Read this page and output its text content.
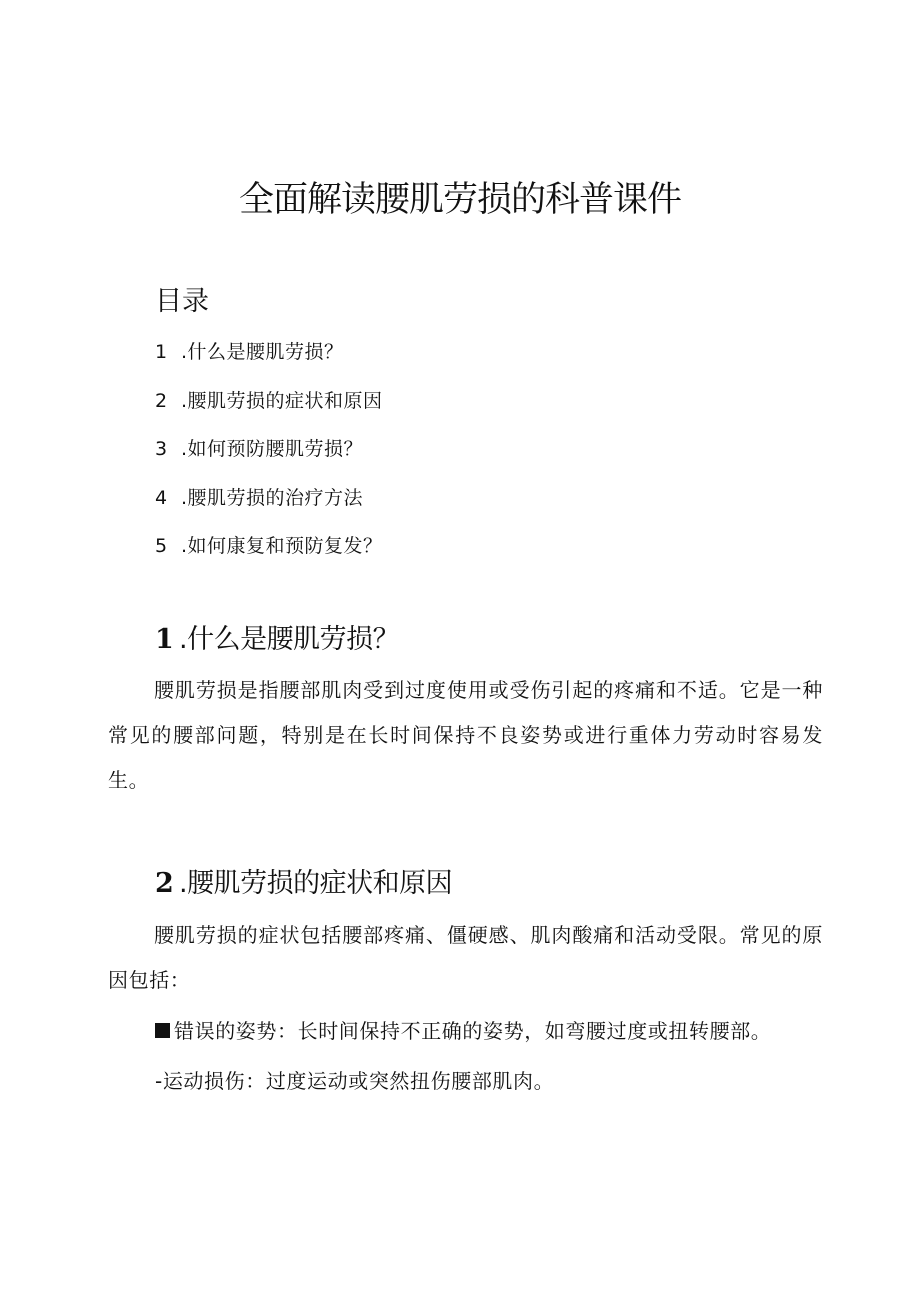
全面解读腰肌劳损的科普课件
目录
1 .什么是腰肌劳损？
2 .腰肌劳损的症状和原因
3 .如何预防腰肌劳损？
4 .腰肌劳损的治疗方法
5 .如何康复和预防复发？
1 .什么是腰肌劳损？

腰肌劳损是指腰部肌肉受到过度使用或受伤引起的疼痛和不适。它是一种常见的腰部问题，特别是在长时间保持不良姿势或进行重体力劳动时容易发生。

2 .腰肌劳损的症状和原因

腰肌劳损的症状包括腰部疼痛、僵硬感、肌肉酸痛和活动受限。常见的原因包括：

错误的姿势：长时间保持不正确的姿势，如弯腰过度或扭转腰部。

-运动损伤：过度运动或突然扭伤腰部肌肉。
